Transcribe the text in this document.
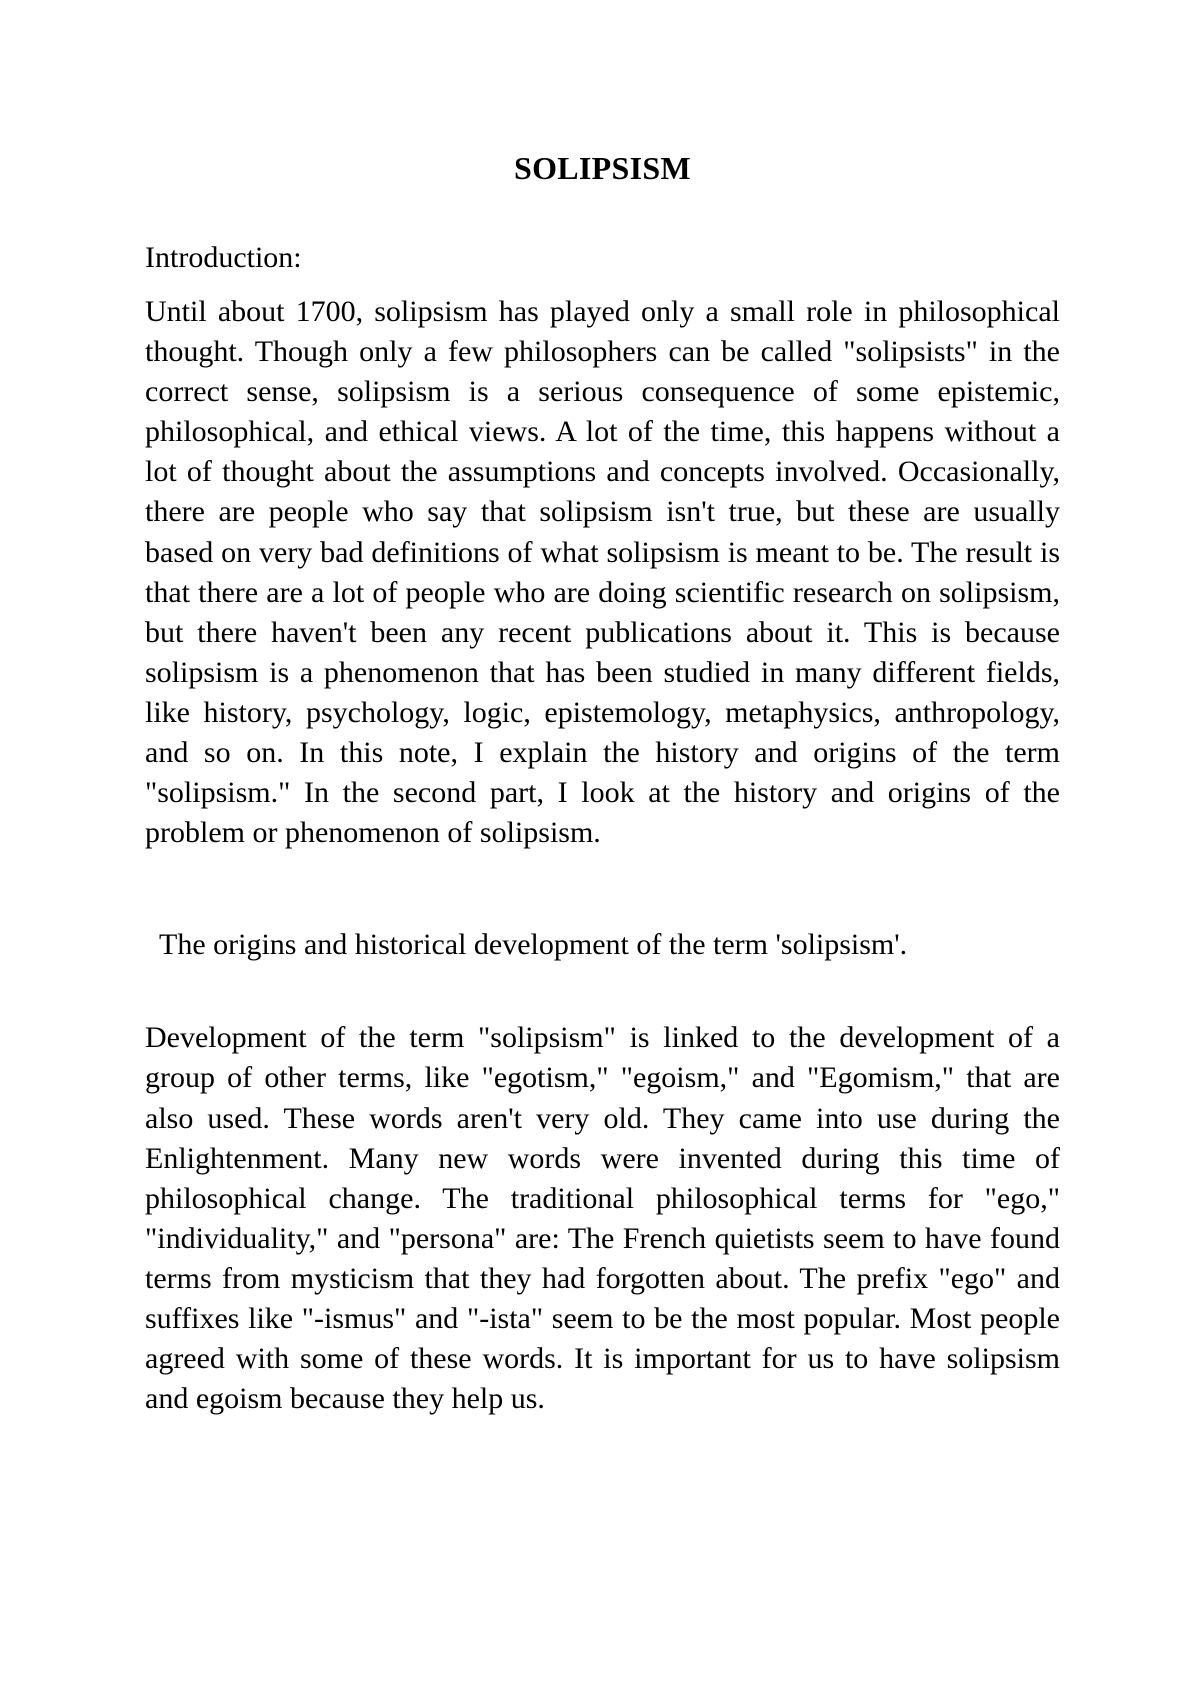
SOLIPSISM

Introduction:

Until about 1700, solipsism has played only a small role in philosophical thought. Though only a few philosophers can be called "solipsists" in the correct sense, solipsism is a serious consequence of some epistemic, philosophical, and ethical views. A lot of the time, this happens without a lot of thought about the assumptions and concepts involved. Occasionally, there are people who say that solipsism isn't true, but these are usually based on very bad definitions of what solipsism is meant to be. The result is that there are a lot of people who are doing scientific research on solipsism, but there haven't been any recent publications about it. This is because solipsism is a phenomenon that has been studied in many different fields, like history, psychology, logic, epistemology, metaphysics, anthropology, and so on. In this note, I explain the history and origins of the term "solipsism." In the second part, I look at the history and origins of the problem or phenomenon of solipsism.

The origins and historical development of the term 'solipsism'.

Development of the term "solipsism" is linked to the development of a group of other terms, like "egotism," "egoism," and "Egomism," that are also used. These words aren't very old. They came into use during the Enlightenment. Many new words were invented during this time of philosophical change. The traditional philosophical terms for "ego," "individuality," and "persona" are: The French quietists seem to have found terms from mysticism that they had forgotten about. The prefix "ego" and suffixes like "-ismus" and "-ista" seem to be the most popular. Most people agreed with some of these words. It is important for us to have solipsism and egoism because they help us.
